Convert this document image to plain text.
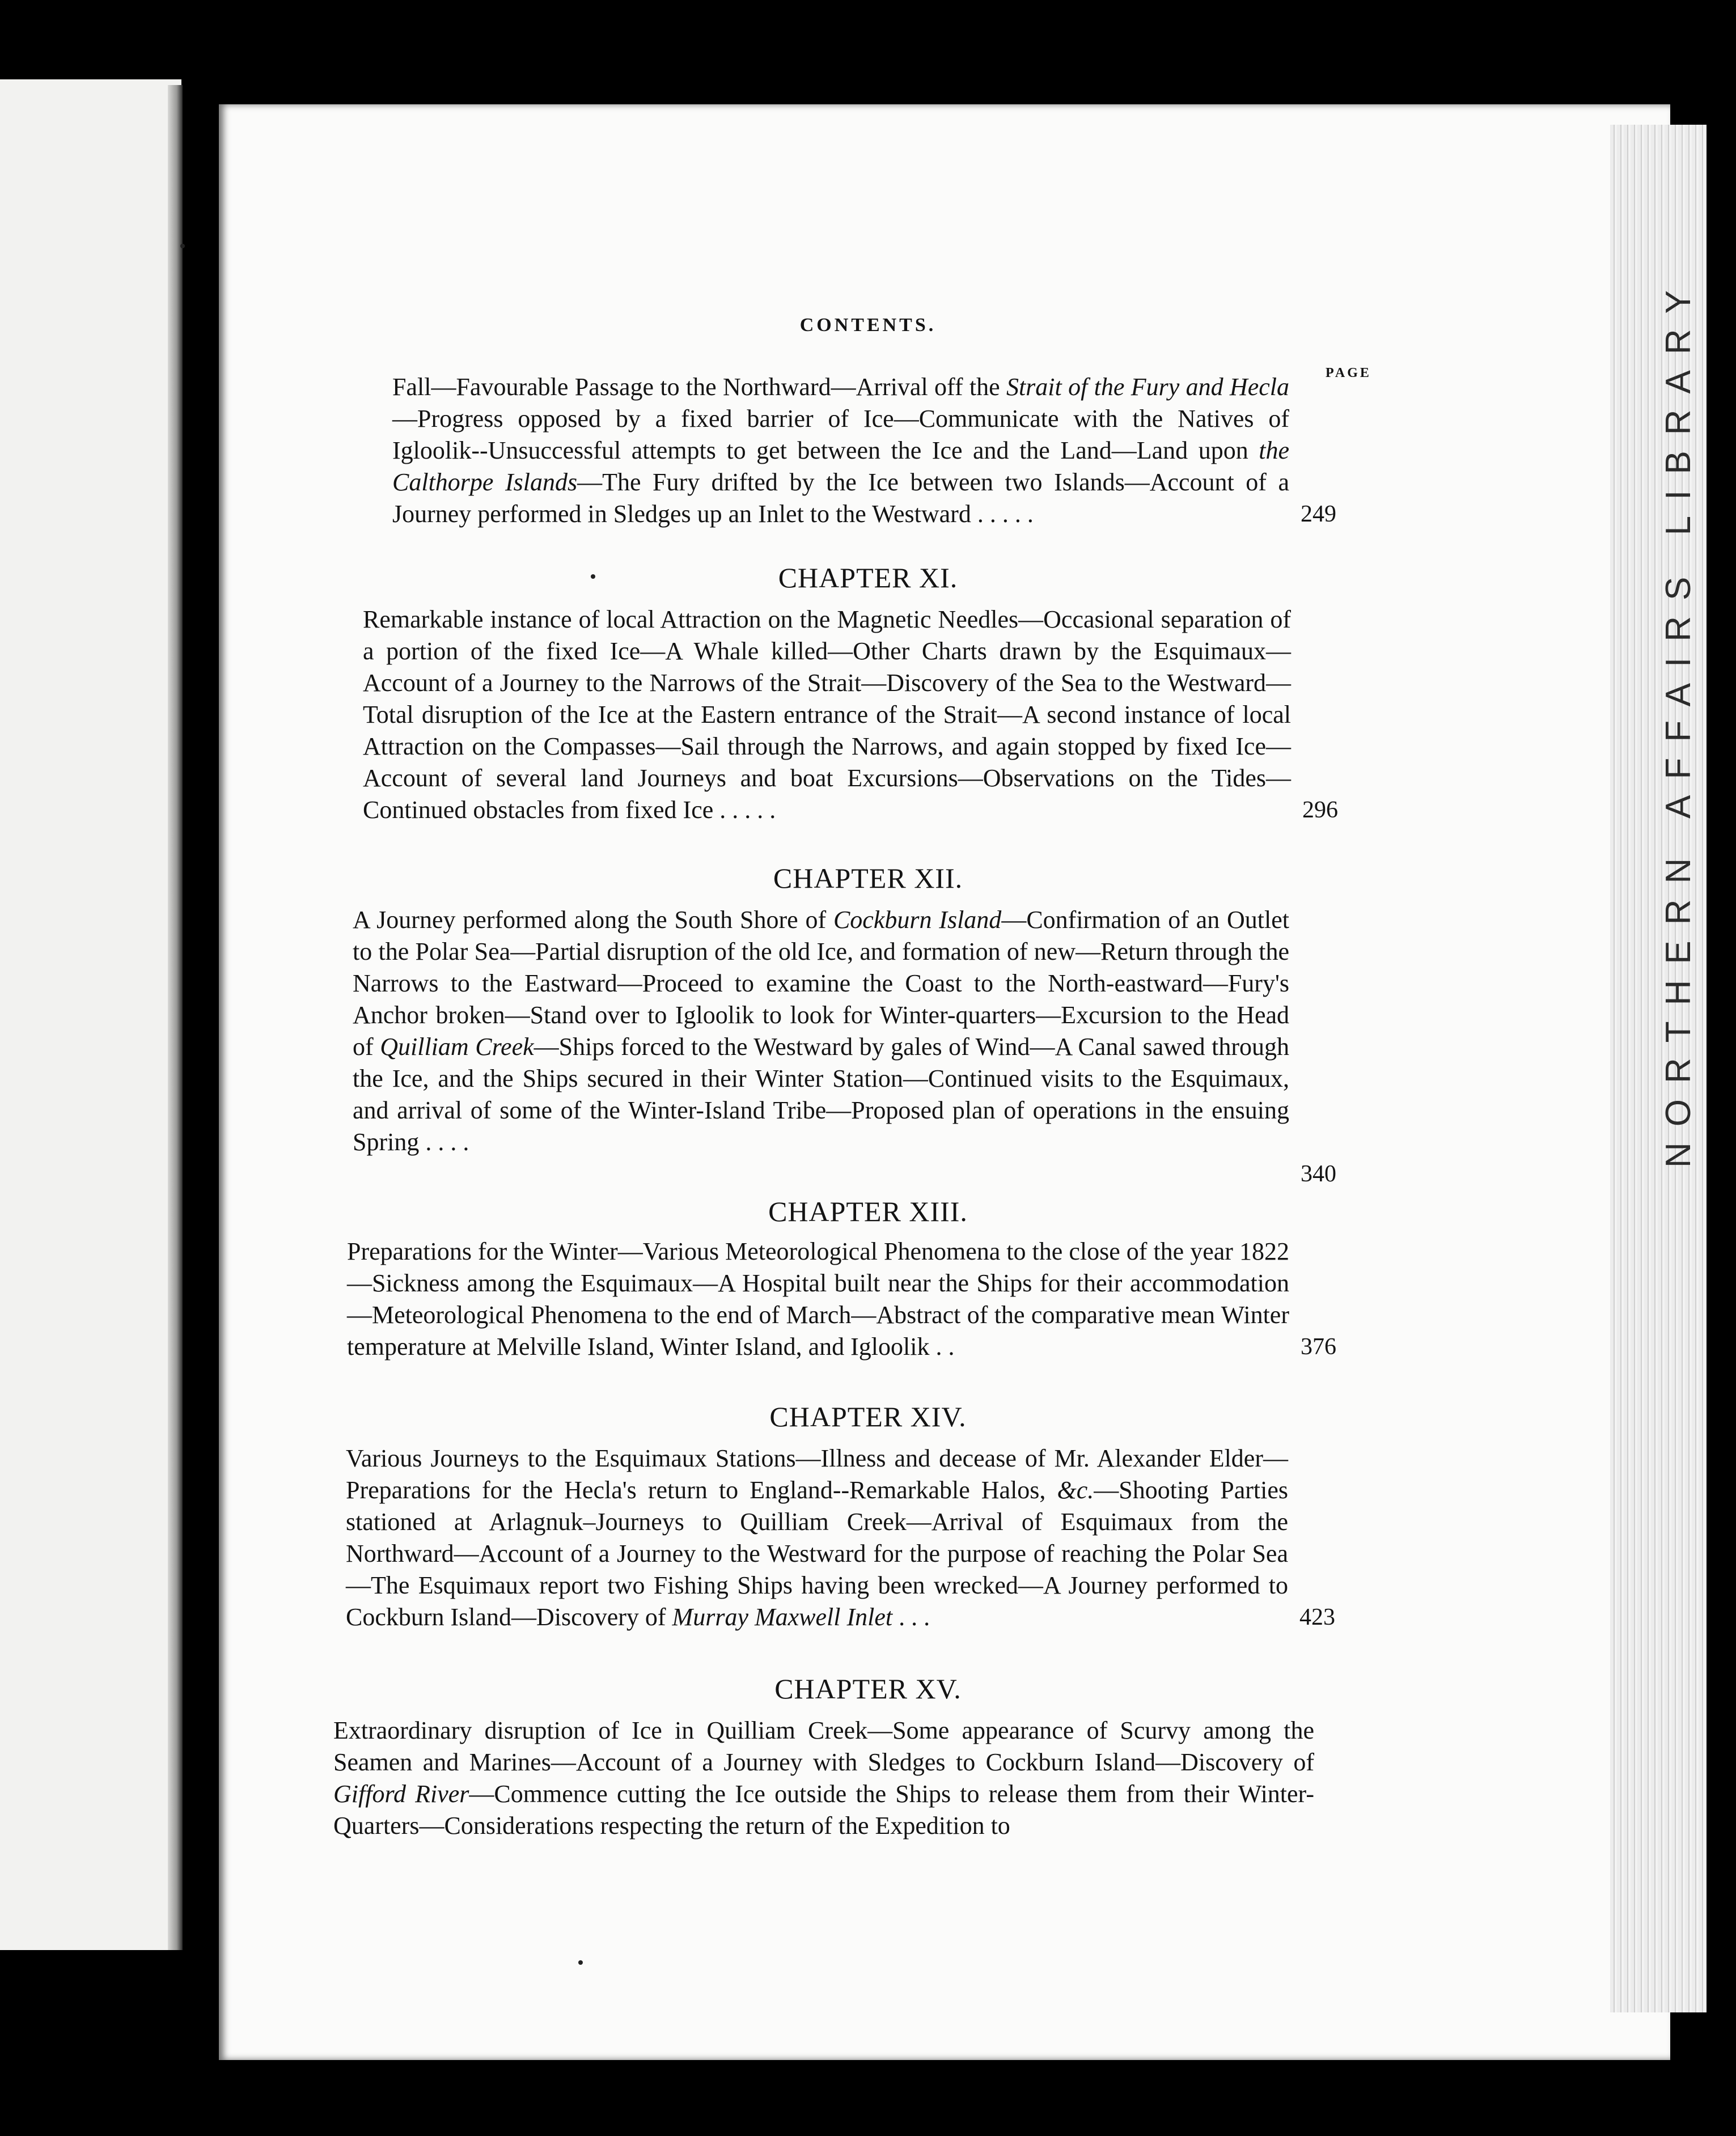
NORTHERN AFFAIRS LIBRARY
CONTENTS.
PAGE
249
Fall—Favourable Passage to the Northward—Arrival off the Strait of the Fury and Hecla—Progress opposed by a fixed barrier of Ice—Communicate with the Natives of Igloolik--Unsuccessful attempts to get between the Ice and the Land—Land upon the Calthorpe Islands—The Fury drifted by the Ice between two Islands—Account of a Journey performed in Sledges up an Inlet to the Westward . . . . .
CHAPTER XI.
296
Remarkable instance of local Attraction on the Magnetic Needles—Occasional separation of a portion of the fixed Ice—A Whale killed—Other Charts drawn by the Esquimaux—Account of a Journey to the Narrows of the Strait—Discovery of the Sea to the Westward—Total disruption of the Ice at the Eastern entrance of the Strait—A second instance of local Attraction on the Compasses—Sail through the Narrows, and again stopped by fixed Ice—Account of several land Journeys and boat Excursions—Observations on the Tides—Continued obstacles from fixed Ice . . . . .
CHAPTER XII.
340
A Journey performed along the South Shore of Cockburn Island—Confirmation of an Outlet to the Polar Sea—Partial disruption of the old Ice, and formation of new—Return through the Narrows to the Eastward—Proceed to examine the Coast to the North-eastward—Fury's Anchor broken—Stand over to Igloolik to look for Winter-quarters—Excursion to the Head of Quilliam Creek—Ships forced to the Westward by gales of Wind—A Canal sawed through the Ice, and the Ships secured in their Winter Station—Continued visits to the Esquimaux, and arrival of some of the Winter-Island Tribe—Proposed plan of operations in the ensuing Spring . . . .
CHAPTER XIII.
376
Preparations for the Winter—Various Meteorological Phenomena to the close of the year 1822—Sickness among the Esquimaux—A Hospital built near the Ships for their accommodation—Meteorological Phenomena to the end of March—Abstract of the comparative mean Winter temperature at Melville Island, Winter Island, and Igloolik . .
CHAPTER XIV.
423
Various Journeys to the Esquimaux Stations—Illness and decease of Mr. Alexander Elder—Preparations for the Hecla's return to England--Remarkable Halos, &c.—Shooting Parties stationed at Arlagnuk–Journeys to Quilliam Creek—Arrival of Esquimaux from the Northward—Account of a Journey to the Westward for the purpose of reaching the Polar Sea—The Esquimaux report two Fishing Ships having been wrecked—A Journey performed to Cockburn Island—Discovery of Murray Maxwell Inlet . . .
CHAPTER XV.
Extraordinary disruption of Ice in Quilliam Creek—Some appearance of Scurvy among the Seamen and Marines—Account of a Journey with Sledges to Cockburn Island—Discovery of Gifford River—Commence cutting the Ice outside the Ships to release them from their Winter-Quarters—Considerations respecting the return of the Expedition to
